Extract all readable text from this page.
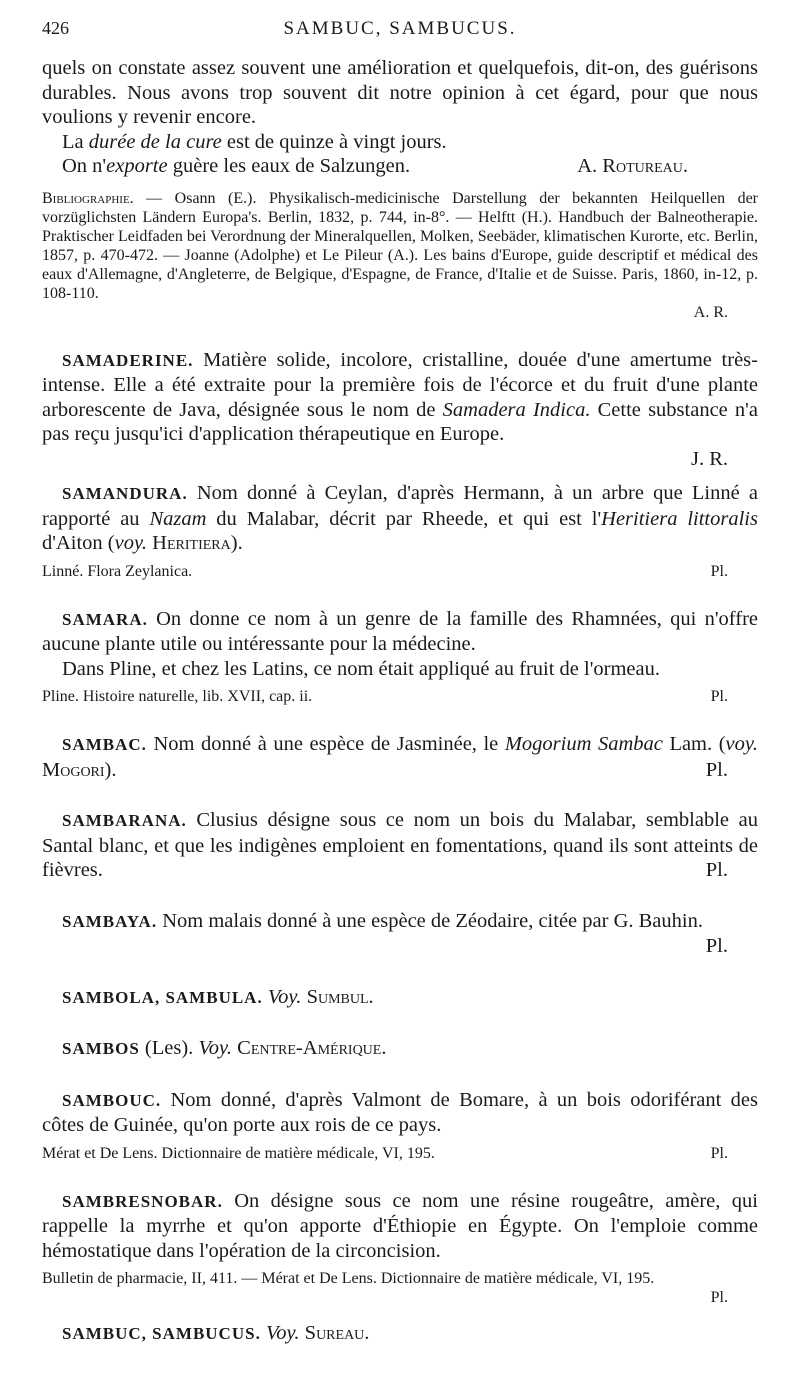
426	SAMBUC, SAMBUCUS.

quels on constate assez souvent une amélioration et quelquefois, dit-on, des guérisons durables. Nous avons trop souvent dit notre opinion à cet égard, pour que nous voulions y revenir encore.

La durée de la cure est de quinze à vingt jours.

On n'exporte guère les eaux de Salzungen.	A. Rotureau.

Bibliographie. — Osann (E.). Physikalisch-medicinische Darstellung der bekannten Heilquellen der vorzüglichsten Ländern Europa's. Berlin, 1832, p. 744, in-8°. — Helftt (H.). Handbuch der Balneotherapie. Praktischer Leidfaden bei Verordnung der Mineralquellen, Molken, Seebäder, klimatischen Kurorte, etc. Berlin, 1857, p. 470-472. — Joanne (Adolphe) et Le Pileur (A.). Les bains d'Europe, guide descriptif et médical des eaux d'Allemagne, d'Angleterre, de Belgique, d'Espagne, de France, d'Italie et de Suisse. Paris, 1860, in-12, p. 108-110.
A. R.

SAMADERINE. Matière solide, incolore, cristalline, douée d'une amertume très-intense. Elle a été extraite pour la première fois de l'écorce et du fruit d'une plante arborescente de Java, désignée sous le nom de Samadera Indica. Cette substance n'a pas reçu jusqu'ici d'application thérapeutique en Europe.

J. R.

SAMANDURA. Nom donné à Ceylan, d'après Hermann, à un arbre que Linné a rapporté au Nazam du Malabar, décrit par Rheede, et qui est l'Heritiera littoralis d'Aiton (voy. Heritiera).

Linné. Flora Zeylanica.	Pl.

SAMARA. On donne ce nom à un genre de la famille des Rhamnées, qui n'offre aucune plante utile ou intéressante pour la médecine.

Dans Pline, et chez les Latins, ce nom était appliqué au fruit de l'ormeau.

Pline. Histoire naturelle, lib. XVII, cap. ii.	Pl.

SAMBAC. Nom donné à une espèce de Jasminée, le Mogorium Sambac Lam. (voy. Mogori).	Pl.

SAMBARANA. Clusius désigne sous ce nom un bois du Malabar, semblable au Santal blanc, et que les indigènes emploient en fomentations, quand ils sont atteints de fièvres.	Pl.

SAMBAYA. Nom malais donné à une espèce de Zéodaire, citée par G. Bauhin.
Pl.

SAMBOLA, SAMBULA. Voy. Sumbul.

SAMBOS (Les). Voy. Centre-Amérique.

SAMBOUC. Nom donné, d'après Valmont de Bomare, à un bois odoriférant des côtes de Guinée, qu'on porte aux rois de ce pays.

Mérat et De Lens. Dictionnaire de matière médicale, VI, 195.	Pl.

SAMBRESNOBAR. On désigne sous ce nom une résine rougeâtre, amère, qui rappelle la myrrhe et qu'on apporte d'Éthiopie en Égypte. On l'emploie comme hémostatique dans l'opération de la circoncision.

Bulletin de pharmacie, II, 411. — Mérat et De Lens. Dictionnaire de matière médicale, VI, 195.
Pl.

SAMBUC, SAMBUCUS. Voy. Sureau.
